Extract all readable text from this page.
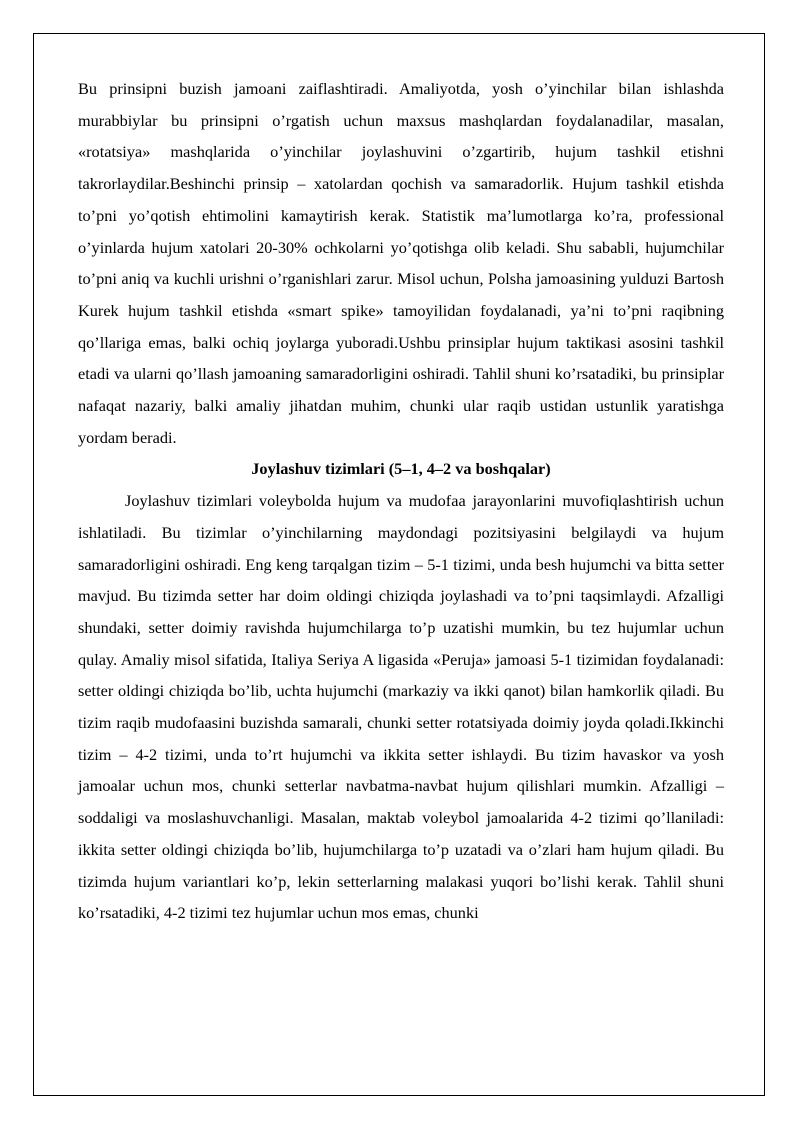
Bu prinsipni buzish jamoani zaiflashtiradi. Amaliyotda, yosh o’yinchilar bilan ishlashda murabbiylar bu prinsipni o’rgatish uchun maxsus mashqlardan foydalanadilar, masalan, «rotatsiya» mashqlarida o’yinchilar joylashuvini o’zgartirib, hujum tashkil etishni takrorlaydilar.Beshinchi prinsip – xatolardan qochish va samaradorlik. Hujum tashkil etishda to’pni yo’qotish ehtimolini kamaytirish kerak. Statistik ma’lumotlarga ko’ra, professional o’yinlarda hujum xatolari 20-30% ochkolarni yo’qotishga olib keladi. Shu sababli, hujumchilar to’pni aniq va kuchli urishni o’rganishlari zarur. Misol uchun, Polsha jamoasining yulduzi Bartosh Kurek hujum tashkil etishda «smart spike» tamoyilidan foydalanadi, ya’ni to’pni raqibning qo’llariga emas, balki ochiq joylarga yuboradi.Ushbu prinsiplar hujum taktikasi asosini tashkil etadi va ularni qo’llash jamoaning samaradorligini oshiradi. Tahlil shuni ko’rsatadiki, bu prinsiplar nafaqat nazariy, balki amaliy jihatdan muhim, chunki ular raqib ustidan ustunlik yaratishga yordam beradi.

Joylashuv tizimlari (5–1, 4–2 va boshqalar)

Joylashuv tizimlari voleybolda hujum va mudofaa jarayonlarini muvofiqlashtirish uchun ishlatiladi. Bu tizimlar o’yinchilarning maydondagi pozitsiyasini belgilaydi va hujum samaradorligini oshiradi. Eng keng tarqalgan tizim – 5-1 tizimi, unda besh hujumchi va bitta setter mavjud. Bu tizimda setter har doim oldingi chiziqda joylashadi va to’pni taqsimlaydi. Afzalligi shundaki, setter doimiy ravishda hujumchilarga to’p uzatishi mumkin, bu tez hujumlar uchun qulay. Amaliy misol sifatida, Italiya Seriya A ligasida «Peruja» jamoasi 5-1 tizimidan foydalanadi: setter oldingi chiziqda bo’lib, uchta hujumchi (markaziy va ikki qanot) bilan hamkorlik qiladi. Bu tizim raqib mudofaasini buzishda samarali, chunki setter rotatsiyada doimiy joyda qoladi.Ikkinchi tizim – 4-2 tizimi, unda to’rt hujumchi va ikkita setter ishlaydi. Bu tizim havaskor va yosh jamoalar uchun mos, chunki setterlar navbatma-navbat hujum qilishlari mumkin. Afzalligi – soddaligi va moslashuvchanligi. Masalan, maktab voleybol jamoalarida 4-2 tizimi qo’llaniladi: ikkita setter oldingi chiziqda bo’lib, hujumchilarga to’p uzatadi va o’zlari ham hujum qiladi. Bu tizimda hujum variantlari ko’p, lekin setterlarning malakasi yuqori bo’lishi kerak. Tahlil shuni ko’rsatadiki, 4-2 tizimi tez hujumlar uchun mos emas, chunki
